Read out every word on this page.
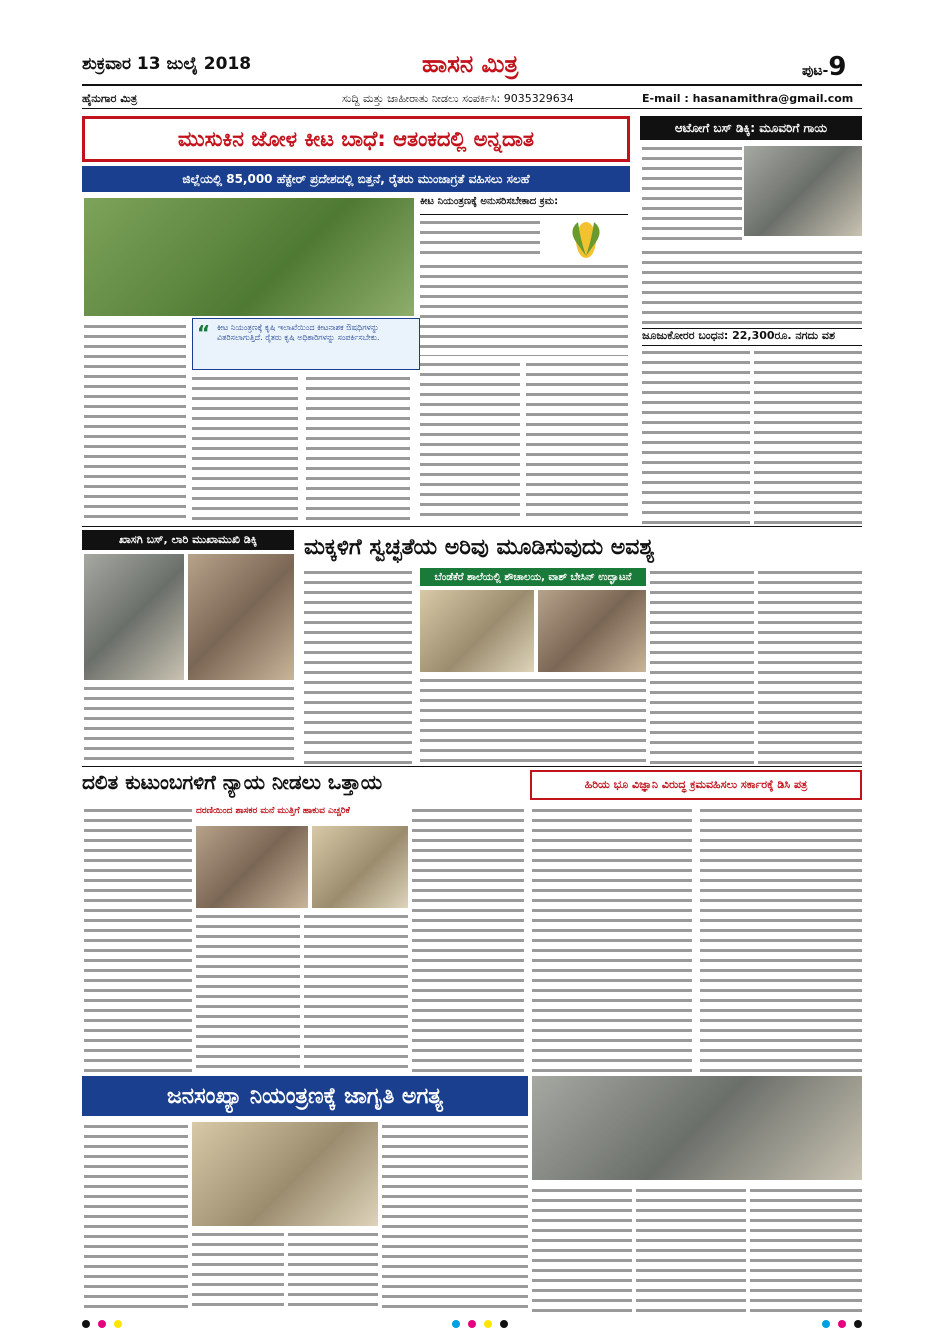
ಶುಕ್ರವಾರ 13 ಜುಲೈ 2018	ಹಾಸನ ಮಿತ್ರ	ಪುಟ-9
ಹೈನುಗಾರ ಮಿತ್ರ	ಸುದ್ದಿ ಮತ್ತು ಜಾಹೀರಾತು ನೀಡಲು ಸಂಪರ್ಕಿಸಿ: 9035329634	E-mail : hasanamithra@gmail.com
ಮುಸುಕಿನ ಜೋಳ ಕೀಟ ಬಾಧೆ: ಆತಂಕದಲ್ಲಿ ಅನ್ನದಾತ
ಜಿಲ್ಲೆಯಲ್ಲಿ 85,000 ಹೆಕ್ಟೇರ್ ಪ್ರದೇಶದಲ್ಲಿ ಬಿತ್ತನೆ, ರೈತರು ಮುಂಜಾಗ್ರತೆ ವಹಿಸಲು ಸಲಹೆ
ಕೀಟ ನಿಯಂತ್ರಣಕ್ಕೆ ಅನುಸರಿಸಬೇಕಾದ ಕ್ರಮ:
“ ಕೀಟ ನಿಯಂತ್ರಣಕ್ಕೆ ಕೃಷಿ ಇಲಾಖೆಯಿಂದ ಕೀಟನಾಶಕ ಔಷಧಿಗಳನ್ನು ವಿತರಿಸಲಾಗುತ್ತಿದೆ. ರೈತರು ಕೃಷಿ ಅಧಿಕಾರಿಗಳನ್ನು ಸಂಪರ್ಕಿಸಬೇಕು.
ಆಟೋಗೆ ಬಸ್ ಡಿಕ್ಕಿ: ಮೂವರಿಗೆ ಗಾಯ
ಜೂಜುಕೋರರ ಬಂಧನ: 22,300ರೂ. ನಗದು ವಶ
ಖಾಸಗಿ ಬಸ್, ಲಾರಿ ಮುಖಾಮುಖಿ ಡಿಕ್ಕಿ	ಮಕ್ಕಳಿಗೆ ಸ್ವಚ್ಛತೆಯ ಅರಿವು ಮೂಡಿಸುವುದು ಅವಶ್ಯ
ಬೆಂಡೆಕೆರೆ ಶಾಲೆಯಲ್ಲಿ ಶೌಚಾಲಯ, ವಾಶ್ ಬೇಸಿನ್ ಉದ್ಘಾಟನೆ
ದಲಿತ ಕುಟುಂಬಗಳಿಗೆ ನ್ಯಾಯ ನೀಡಲು ಒತ್ತಾಯ
ದರಣಿಯಿಂದ ಶಾಸಕರ ಮನೆ ಮುತ್ತಿಗೆ ಹಾಕುವ ಎಚ್ಚರಿಕೆ
ಹಿರಿಯ ಭೂ ವಿಜ್ಞಾನಿ ವಿರುದ್ಧ ಕ್ರಮವಹಿಸಲು ಸರ್ಕಾರಕ್ಕೆ ಡಿಸಿ ಪತ್ರ
ಜನಸಂಖ್ಯಾ ನಿಯಂತ್ರಣಕ್ಕೆ ಜಾಗೃತಿ ಅಗತ್ಯ
